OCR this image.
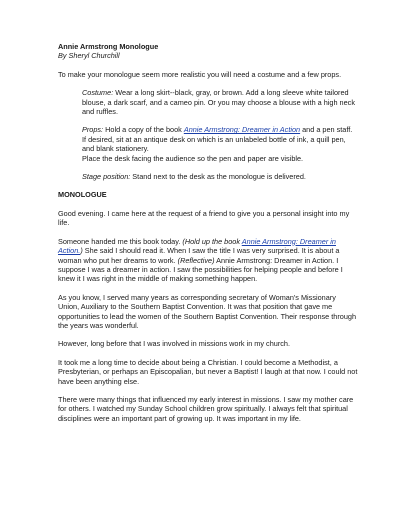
Annie Armstrong Monologue

By Sheryl Churchill

To make your monologue seem more realistic you will need a costume and a few props.

Costume: Wear a long skirt--black, gray, or brown. Add a long sleeve white tailored blouse, a dark scarf, and a cameo pin. Or you may choose a blouse with a high neck and ruffles.

Props: Hold a copy of the book Annie Armstrong: Dreamer in Action and a pen staff. If desired, sit at an antique desk on which is an unlabeled bottle of ink, a quill pen, and blank stationery.
Place the desk facing the audience so the pen and paper are visible.

Stage position: Stand next to the desk as the monologue is delivered.

MONOLOGUE

Good evening. I came here at the request of a friend to give you a personal insight into my life.

Someone handed me this book today. (Hold up the book Annie Armstrong: Dreamer in Action.) She said I should read it. When I saw the title I was very surprised. It is about a woman who put her dreams to work. (Reflective) Annie Armstrong: Dreamer in Action. I suppose I was a dreamer in action. I saw the possibilities for helping people and before I knew it I was right in the middle of making something happen.

As you know, I served many years as corresponding secretary of Woman's Missionary Union, Auxiliary to the Southern Baptist Convention. It was that position that gave me opportunities to lead the women of the Southern Baptist Convention. Their response through the years was wonderful.

However, long before that I was involved in missions work in my church.

It took me a long time to decide about being a Christian. I could become a Methodist, a Presbyterian, or perhaps an Episcopalian, but never a Baptist! I laugh at that now. I could not have been anything else.

There were many things that influenced my early interest in missions. I saw my mother care for others. I watched my Sunday School children grow spiritually. I always felt that spiritual disciplines were an important part of growing up. It was important in my life.
